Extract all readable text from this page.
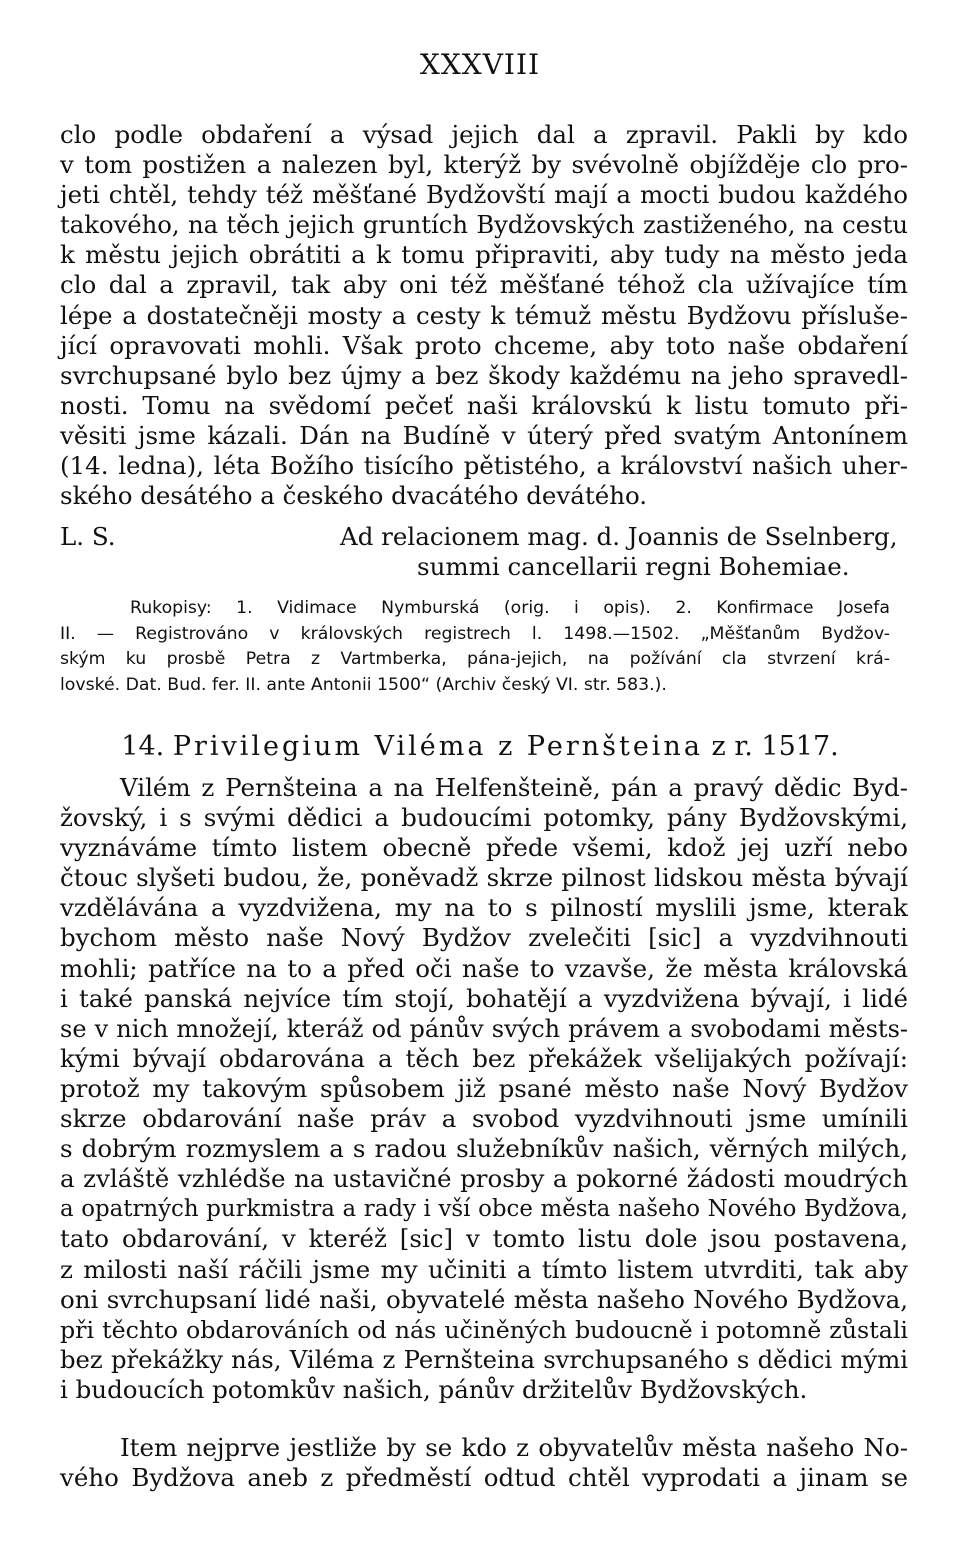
XXXVIII
clo podle obdaření a výsad jejich dal a zpravil. Pakli by kdo
v tom postižen a nalezen byl, kterýž by svévolně objížděje clo pro-
jeti chtěl, tehdy též měšťané Bydžovští mají a mocti budou každého
takového, na těch jejich gruntích Bydžovských zastiženého, na cestu
k městu jejich obrátiti a k tomu připraviti, aby tudy na město jeda
clo dal a zpravil, tak aby oni též měšťané téhož cla užívajíce tím
lépe a dostatečněji mosty a cesty k témuž městu Bydžovu přísluše-
jící opravovati mohli. Však proto chceme, aby toto naše obdaření
svrchupsané bylo bez újmy a bez škody každému na jeho spravedl-
nosti. Tomu na svědomí pečeť naši královskú k listu tomuto při-
věsiti jsme kázali. Dán na Budíně v úterý před svatým Antonínem
(14. ledna), léta Božího tisícího pětistého, a království našich uher-
ského desátého a českého dvacátého devátého.
L. S.	Ad relacionem mag. d. Joannis de Sselnberg,
summi cancellarii regni Bohemiae.
Rukopisy: 1. Vidimace Nymburská (orig. i opis). 2. Konfirmace Josefa
II. — Registrováno v královských registrech l. 1498.—1502. „Měšťanům Bydžov-
ským ku prosbě Petra z Vartmberka, pána-jejich, na požívání cla stvrzení krá-
lovské. Dat. Bud. fer. II. ante Antonii 1500“ (Archiv český VI. str. 583.).
14. Privilegium Viléma z Pernšteina z r. 1517.
Vilém z Pernšteina a na Helfenšteině, pán a pravý dědic Byd-
žovský, i s svými dědici a budoucími potomky, pány Bydžovskými,
vyznáváme tímto listem obecně přede všemi, kdož jej uzří nebo
čtouc slyšeti budou, že, poněvadž skrze pilnost lidskou města bývají
vzdělávána a vyzdvižena, my na to s pilností myslili jsme, kterak
bychom město naše Nový Bydžov zvelečiti [sic] a vyzdvihnouti
mohli; patříce na to a před oči naše to vzavše, že města královská
i také panská nejvíce tím stojí, bohatějí a vyzdvižena bývají, i lidé
se v nich množejí, kteráž od pánův svých právem a svobodami městs-
kými bývají obdarována a těch bez překážek všelijakých požívají:
protož my takovým spůsobem již psané město naše Nový Bydžov
skrze obdarování naše práv a svobod vyzdvihnouti jsme umínili
s dobrým rozmyslem a s radou služebníkův našich, věrných milých,
a zvláště vzhlédše na ustavičné prosby a pokorné žádosti moudrých
a opatrných purkmistra a rady i vší obce města našeho Nového Bydžova,
tato obdarování, v kteréž [sic] v tomto listu dole jsou postavena,
z milosti naší ráčili jsme my učiniti a tímto listem utvrditi, tak aby
oni svrchupsaní lidé naši, obyvatelé města našeho Nového Bydžova,
při těchto obdarováních od nás učiněných budoucně i potomně zůstali
bez překážky nás, Viléma z Pernšteina svrchupsaného s dědici mými
i budoucích potomkův našich, pánův držitelův Bydžovských.
Item nejprve jestliže by se kdo z obyvatelův města našeho No-
vého Bydžova aneb z předměstí odtud chtěl vyprodati a jinam se
